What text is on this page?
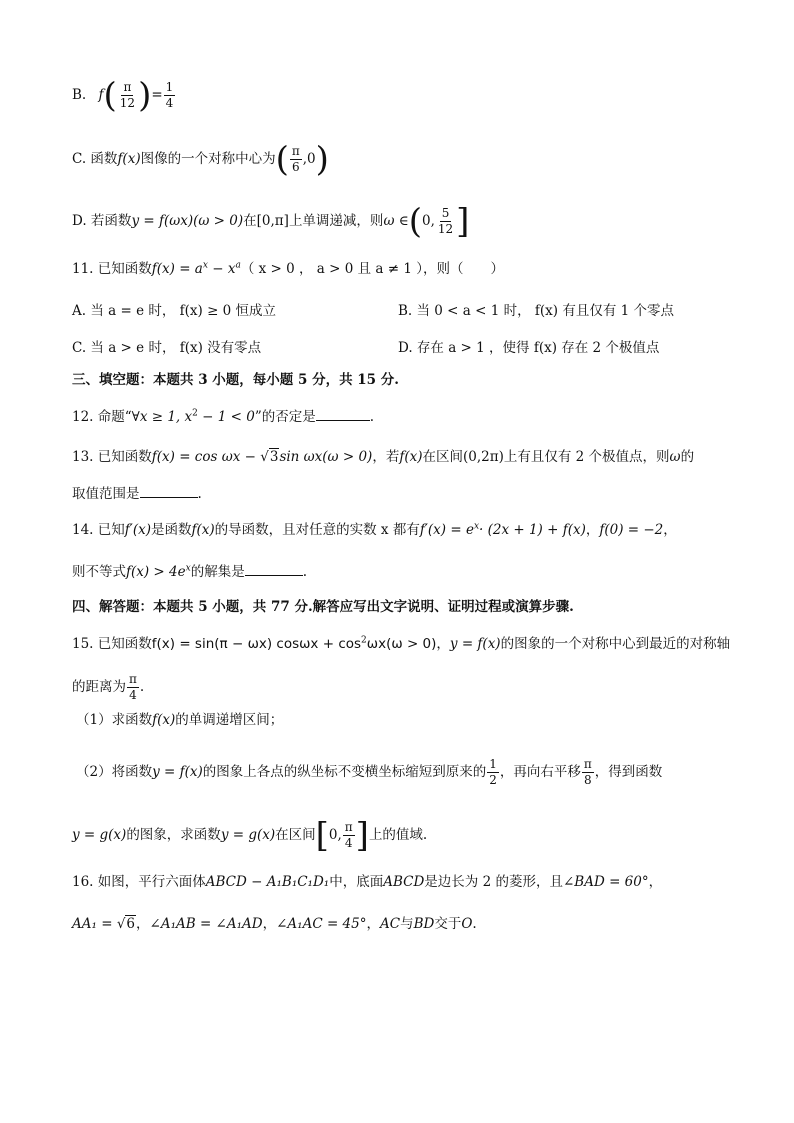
B. $f( \frac{\pi}{12}$ )= $\frac{1}{4}$
C. 函数f(x)图像的一个对称中心为( $\frac{\pi}{6} ,0$)
D. 若函数y = f(ωx)(ω > 0)在[0,π]上单调递减，则ω ∈(0, $\frac{5}{12}$ ]
11. 已知函数$f(x) = a^x - x^a$（ x > 0 ， a > 0 且 a ≠ 1 ），则（　　）
A. 当 a = e 时， f(x) ≥ 0 恒成立	B. 当 0 < a < 1 时， f(x) 有且仅有 1 个零点
C. 当 a > e 时， f(x) 没有零点	D. 存在 a > 1 ，使得 f(x) 存在 2 个极值点
三、填空题：本题共 3 小题，每小题 5 分，共 15 分.
12. 命题“∀x ≥ 1, $x^2 - 1 < 0$”的否定是	.
13. 已知函数f(x) = cos ωx − √3sin ωx(ω > 0)，若f(x)在区间(0,2π)上有且仅有 2 个极值点，则ω的
取值范围是	.
14. 已知f′(x)是函数f(x)的导函数，且对任意的实数 x 都有$f'(x) = e^x\cdot (2x + 1) + f(x)$，f(0) = −2，
则不等式$f(x) > 4e^x$的解集是	.
四、解答题：本题共 5 小题，共 77 分.解答应写出文字说明、证明过程或演算步骤.
15. 已知函数f(x) = sin(π − ωx) $\cos\omega x + \cos^2\omega x(\omega > 0)$，y = f(x)的图象的一个对称中心到最近的对称轴
的距离为 $\frac{\pi}{4}$ .
（1）求函数f(x)的单调递增区间；
（2）将函数y = f(x)的图象上各点的纵坐标不变横坐标缩短到原来的 $\frac{1}{2}$ ，再向右平移 $\frac{\pi}{8}$ ，得到函数
y = g(x)的图象，求函数y = g(x)在区间[0, $\frac{\pi}{4}$ ]上的值域.
16. 如图，平行六面体ABCD − A₁B₁C₁D₁中，底面ABCD是边长为 2 的菱形，且∠BAD = 60°，
AA₁ = √6，∠A₁AB = ∠A₁AD，∠A₁AC = 45°，AC与BD交于O.
